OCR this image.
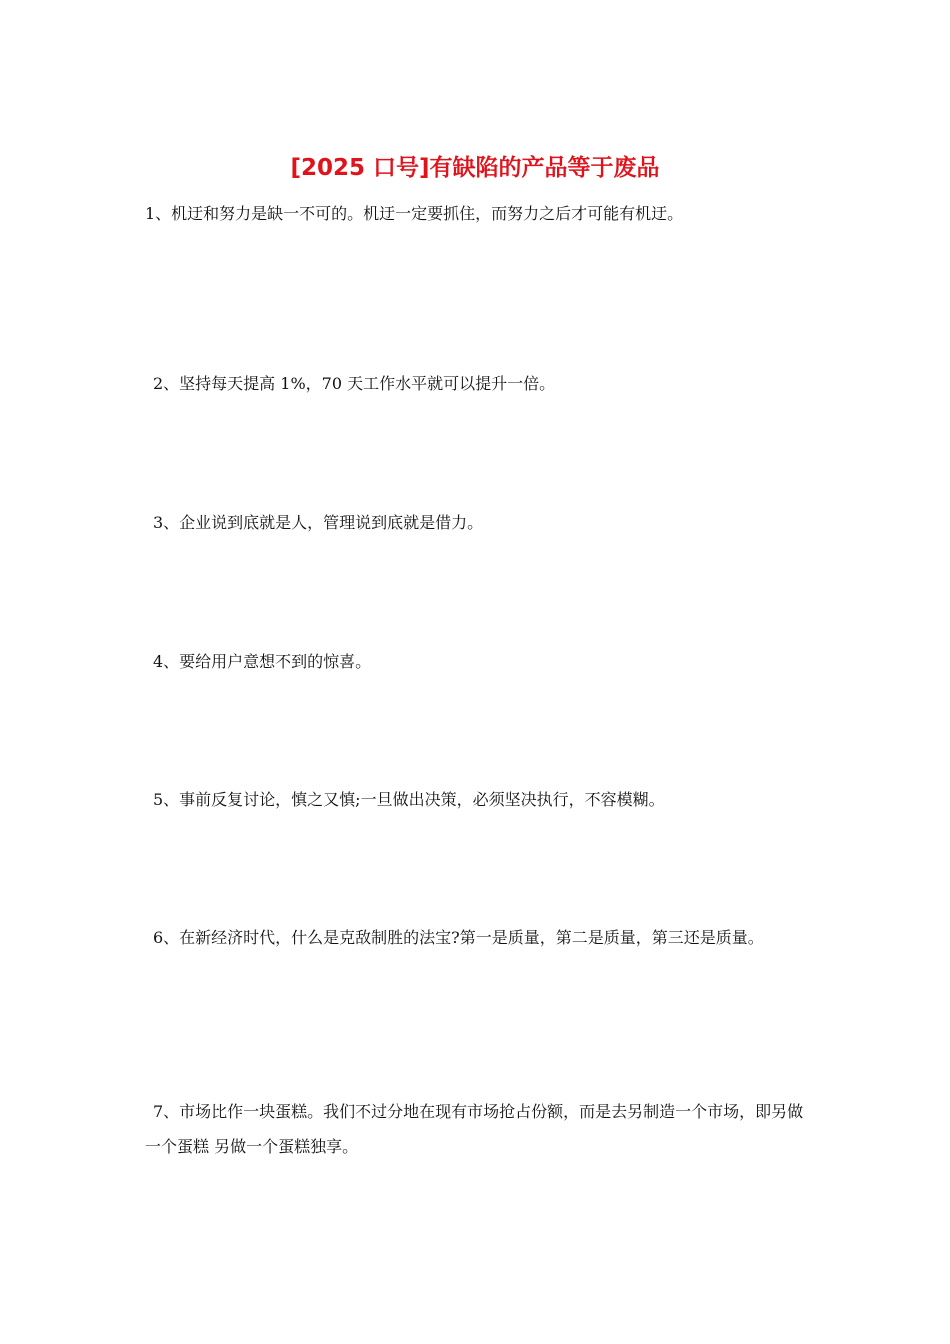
[2025 口号]有缺陷的产品等于废品

1、机迂和努力是缺一不可的。机迂一定要抓住，而努力之后才可能有机迂。

2、坚持每天提高 1%，70 天工作水平就可以提升一倍。

3、企业说到底就是人，管理说到底就是借力。

4、要给用户意想不到的惊喜。

5、事前反复讨论，慎之又慎;一旦做出决策，必须坚决执行，不容模糊。

6、在新经济时代，什么是克敌制胜的法宝?第一是质量，第二是质量，第三还是质量。

7、市场比作一块蛋糕。我们不过分地在现有市场抢占份额，而是去另制造一个市场，即另做一个蛋糕 另做一个蛋糕独享。
